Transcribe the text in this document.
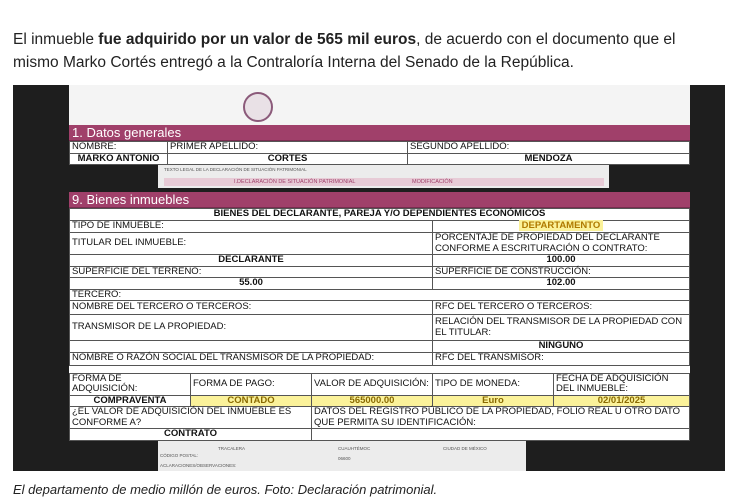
El inmueble fue adquirido por un valor de 565 mil euros, de acuerdo con el documento que el mismo Marko Cortés entregó a la Contraloría Interna del Senado de la República.

1. Datos generales
NOMBRE:	PRIMER APELLIDO:	SEGUNDO APELLIDO:
MARKO ANTONIO	CORTES	MENDOZA
TEXTO LEGAL DE LA DECLARACIÓN DE SITUACIÓN PATRIMONIAL
I.DECLARACIÓN DE SITUACIÓN PATRIMONIAL	MODIFICACIÓN
9. Bienes inmuebles
BIENES DEL DECLARANTE, PAREJA Y/O DEPENDIENTES ECONÓMICOS				
TIPO DE INMUEBLE:			DEPARTAMENTO	
TITULAR DEL INMUEBLE:			PORCENTAJE DE PROPIEDAD DEL DECLARANTE CONFORME A ESCRITURACIÓN O CONTRATO:	
DECLARANTE			100.00	
SUPERFICIE DEL TERRENO:			SUPERFICIE DE CONSTRUCCIÓN:	
55.00			102.00	
TERCERO:				
NOMBRE DEL TERCERO O TERCEROS:			RFC DEL TERCERO O TERCEROS:	
TRANSMISOR DE LA PROPIEDAD:			RELACIÓN DEL TRANSMISOR DE LA PROPIEDAD CON EL TITULAR:	
			NINGUNO	
NOMBRE O RAZÓN SOCIAL DEL TRANSMISOR DE LA PROPIEDAD:			RFC DEL TRANSMISOR:	

FORMA DE ADQUISICIÓN:	FORMA DE PAGO:	VALOR DE ADQUISICIÓN:	TIPO DE MONEDA:	FECHA DE ADQUISICIÓN DEL INMUEBLE:
COMPRAVENTA	CONTADO	565000.00	Euro	02/01/2025
¿EL VALOR DE ADQUISICIÓN DEL INMUEBLE ES CONFORME A?		DATOS DEL REGISTRO PÚBLICO DE LA PROPIEDAD, FOLIO REAL U OTRO DATO QUE PERMITA SU IDENTIFICACIÓN:		
CONTRATO				
TRACALERA	CUAUHTÉMOC	CIUDAD DE MÉXICO
CÓDIGO POSTAL:
06600
ACLARACIONES/OBSERVACIONES:

El departamento de medio millón de euros. Foto: Declaración patrimonial.
